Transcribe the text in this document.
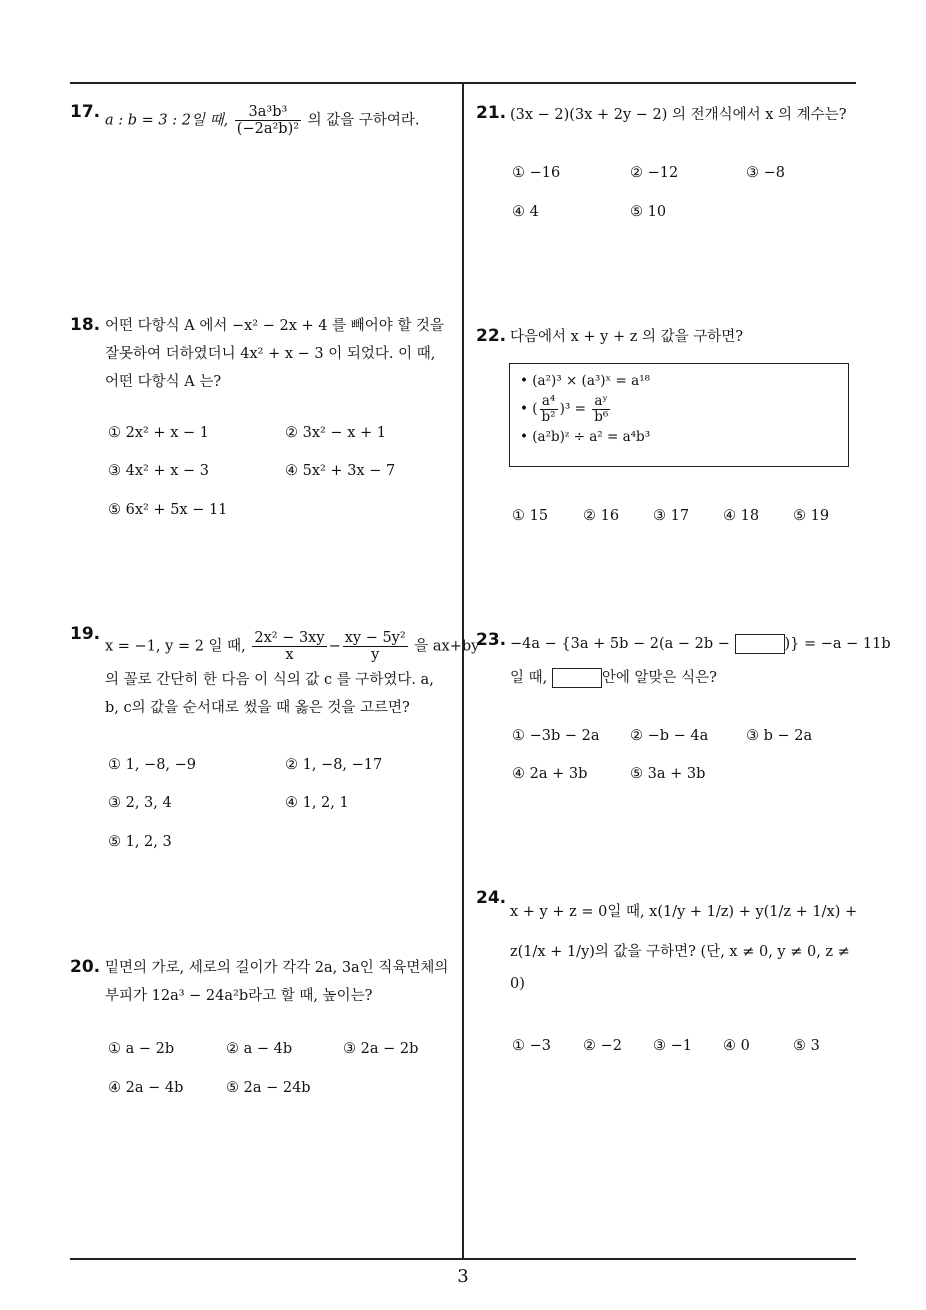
17. a : b = 3 : 2일 때, $\frac{\text{3a³b³}}{\text{(−2a²b)²}}$ 의 값을 구하여라.
18. 어떤 다항식 A 에서 −x² − 2x + 4 를 빼어야 할 것을
잘못하여 더하였더니 4x² + x − 3 이 되었다. 이 때,
어떤 다항식 A 는?
① 2x² + x − 1	② 3x² − x + 1
③ 4x² + x − 3	④ 5x² + 3x − 7
⑤ 6x² + 5x − 11
19.
x = −1, y = 2 일 때, $\frac{\text{2x² − 3xy}}{x} - \frac{\text{xy − 5y²}}{y}$ 을 ax+by
의 꼴로 간단히 한 다음 이 식의 값 c 를 구하였다. a,
b, c의 값을 순서대로 썼을 때 옳은 것을 고르면?
① 1, −8, −9	② 1, −8, −17
③ 2, 3, 4	④ 1, 2, 1
⑤ 1, 2, 3
20. 밑면의 가로, 세로의 길이가 각각 2a, 3a인 직육면체의
부피가 12a³ − 24a²b라고 할 때, 높이는?
① a − 2b	② a − 4b	③ 2a − 2b
④ 2a − 4b	⑤ 2a − 24b
21. (3x − 2)(3x + 2y − 2) 의 전개식에서 x 의 계수는?
① −16	② −12	③ −8
④ 4	⑤ 10
22. 다음에서 x + y + z 의 값을 구하면?
• (a²)³ × (a³)ˣ = a¹⁸
• ( $\frac{\text{a⁴}}{\text{b²}} )^3 = \frac{\text{aʸ}}{\text{b⁶}}$
• (a²b)ᶻ ÷ a² = a⁴b³
① 15 ② 16 ③ 17 ④ 18 ⑤ 19
23. −4a − {3a + 5b − 2(a − 2b −	)} = −a − 11b
일 때,	안에 알맞은 식은?
① −3b − 2a ② −b − 4a	③ b − 2a
④ 2a + 3b	⑤ 3a + 3b
24.
x + y + z = 0일 때, x(1/y + 1/z) + y(1/z + 1/x) +
z(1/x + 1/y)의 값을 구하면? (단, x ≠ 0, y ≠ 0, z ≠
0)
① −3 ② −2 ③ −1 ④ 0	⑤ 3
3
